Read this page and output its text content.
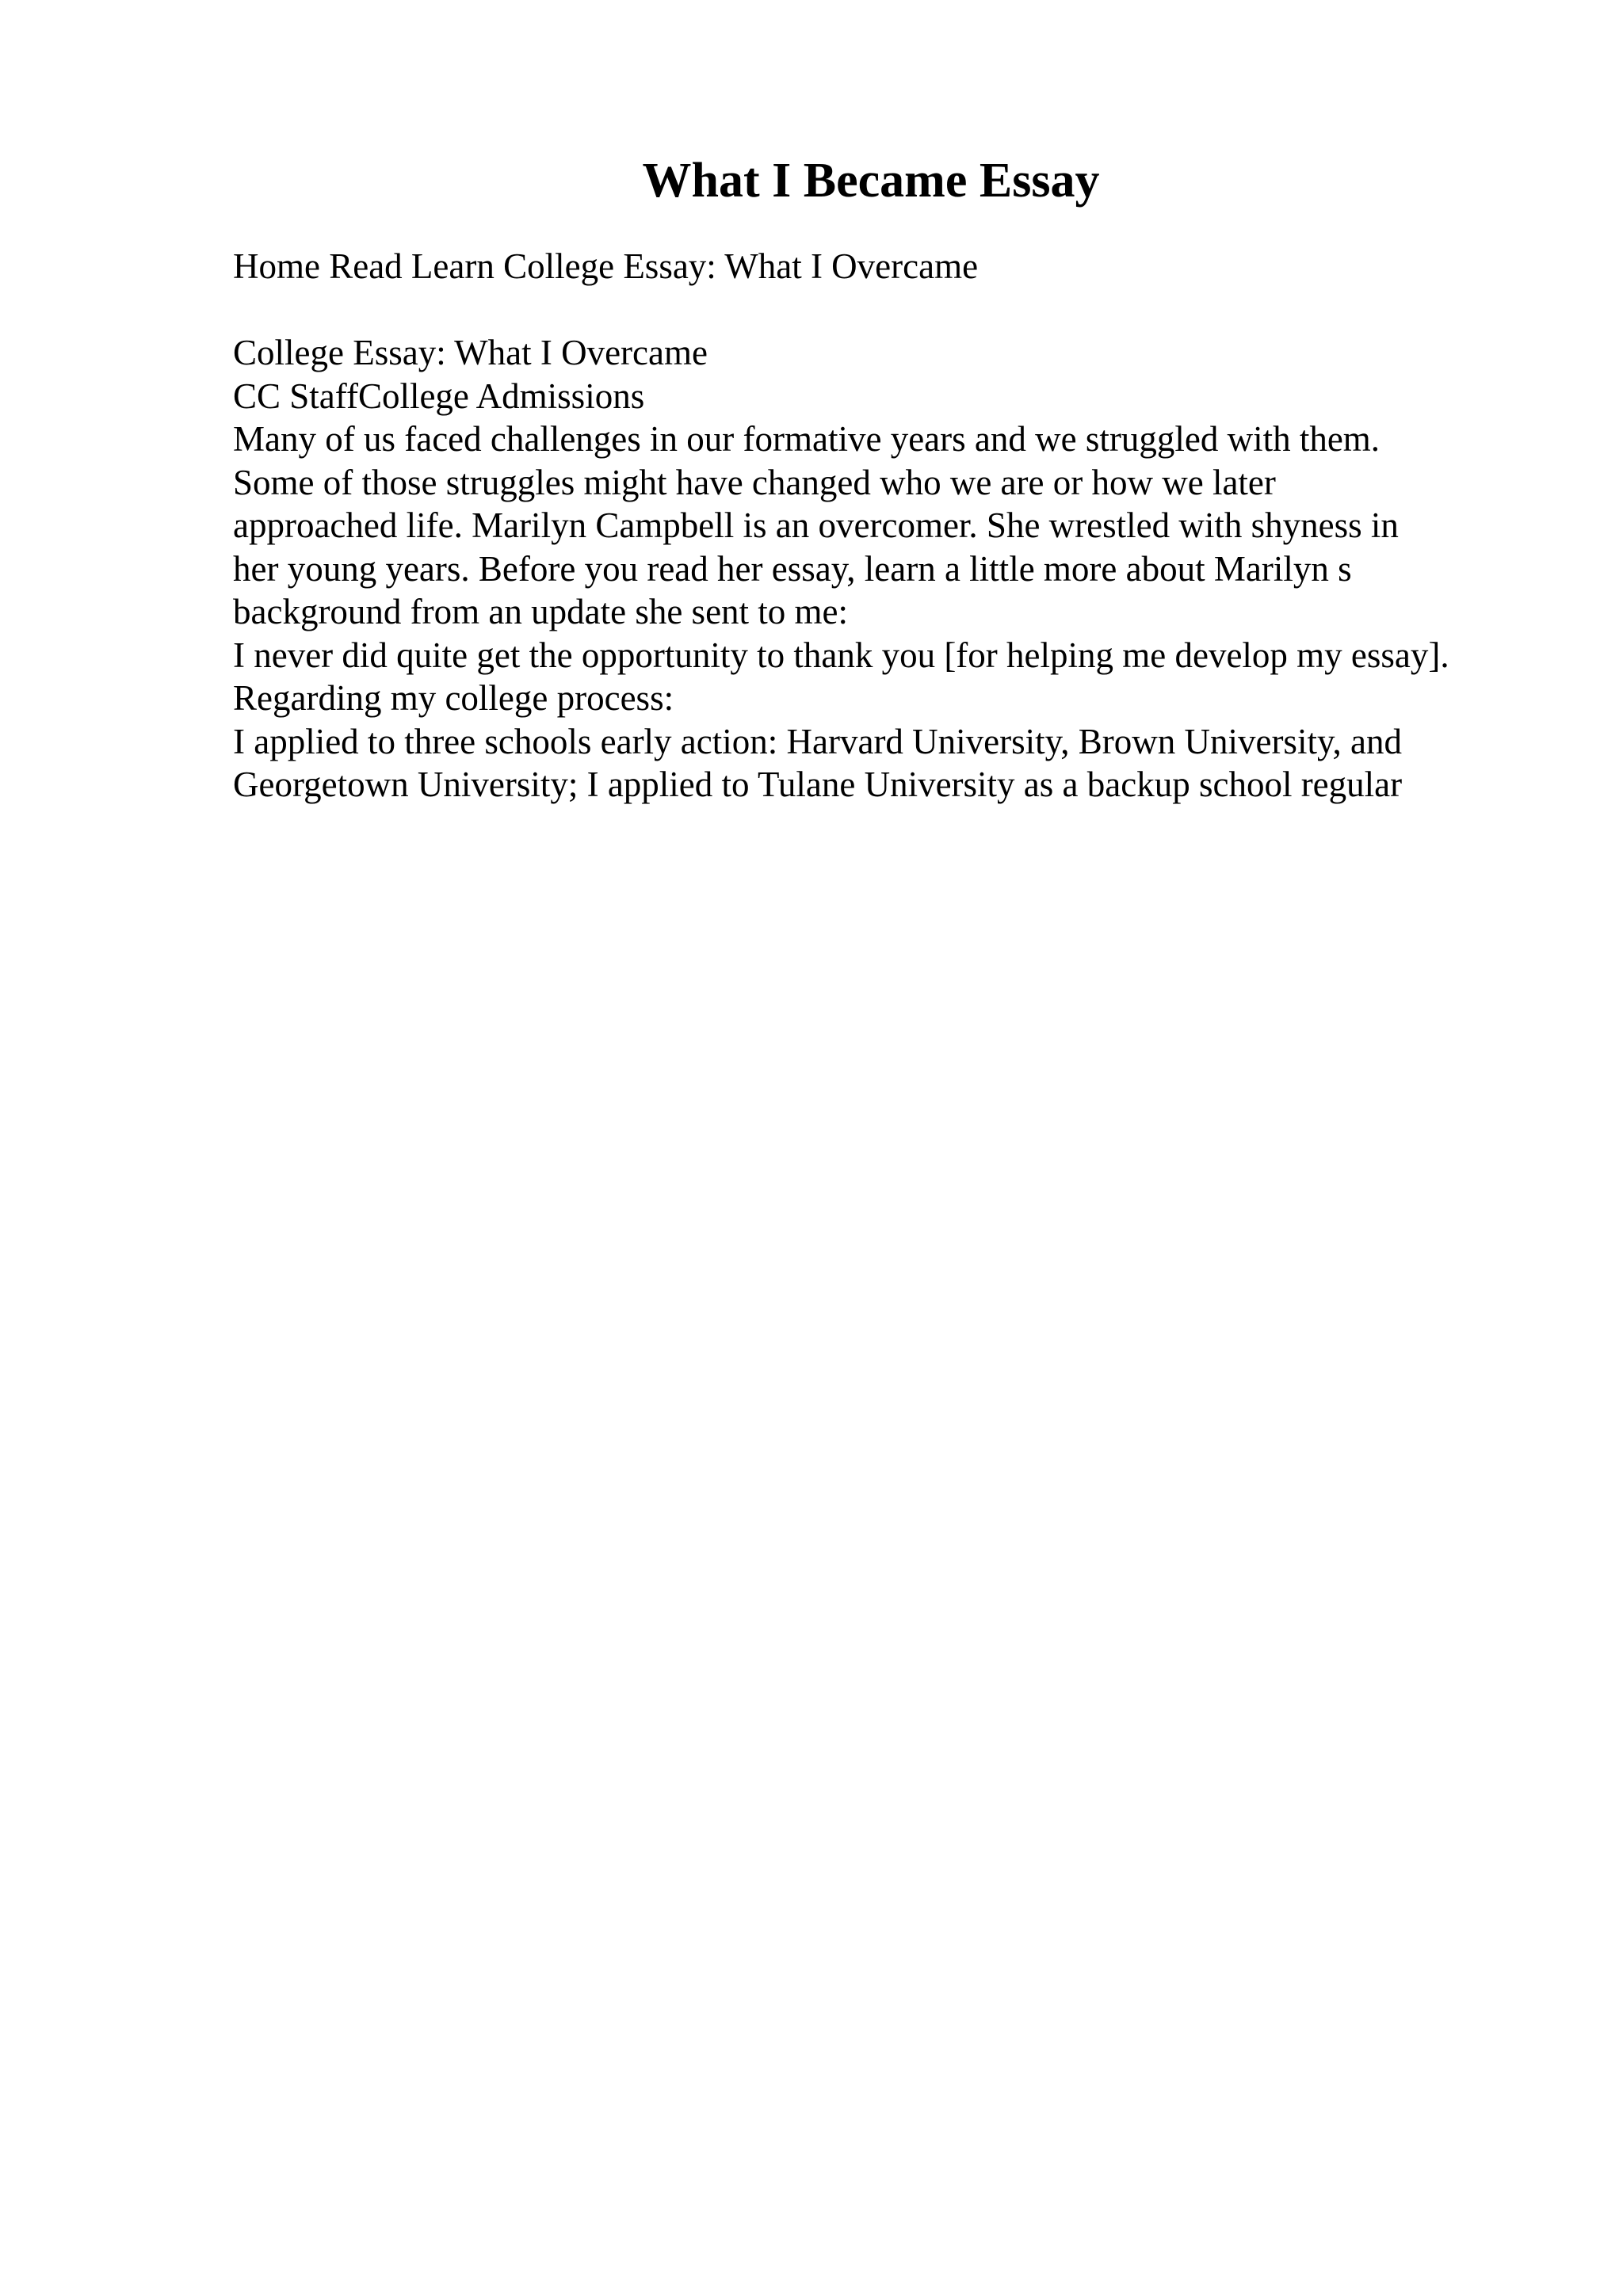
What I Became Essay

Home Read Learn College Essay: What I Overcame

College Essay: What I Overcame
CC StaffCollege Admissions
Many of us faced challenges in our formative years and we struggled with them.
Some of those struggles might have changed who we are or how we later
approached life. Marilyn Campbell is an overcomer. She wrestled with shyness in
her young years. Before you read her essay, learn a little more about Marilyn s
background from an update she sent to me:
I never did quite get the opportunity to thank you [for helping me develop my essay].
Regarding my college process:
I applied to three schools early action: Harvard University, Brown University, and
Georgetown University; I applied to Tulane University as a backup school regular
